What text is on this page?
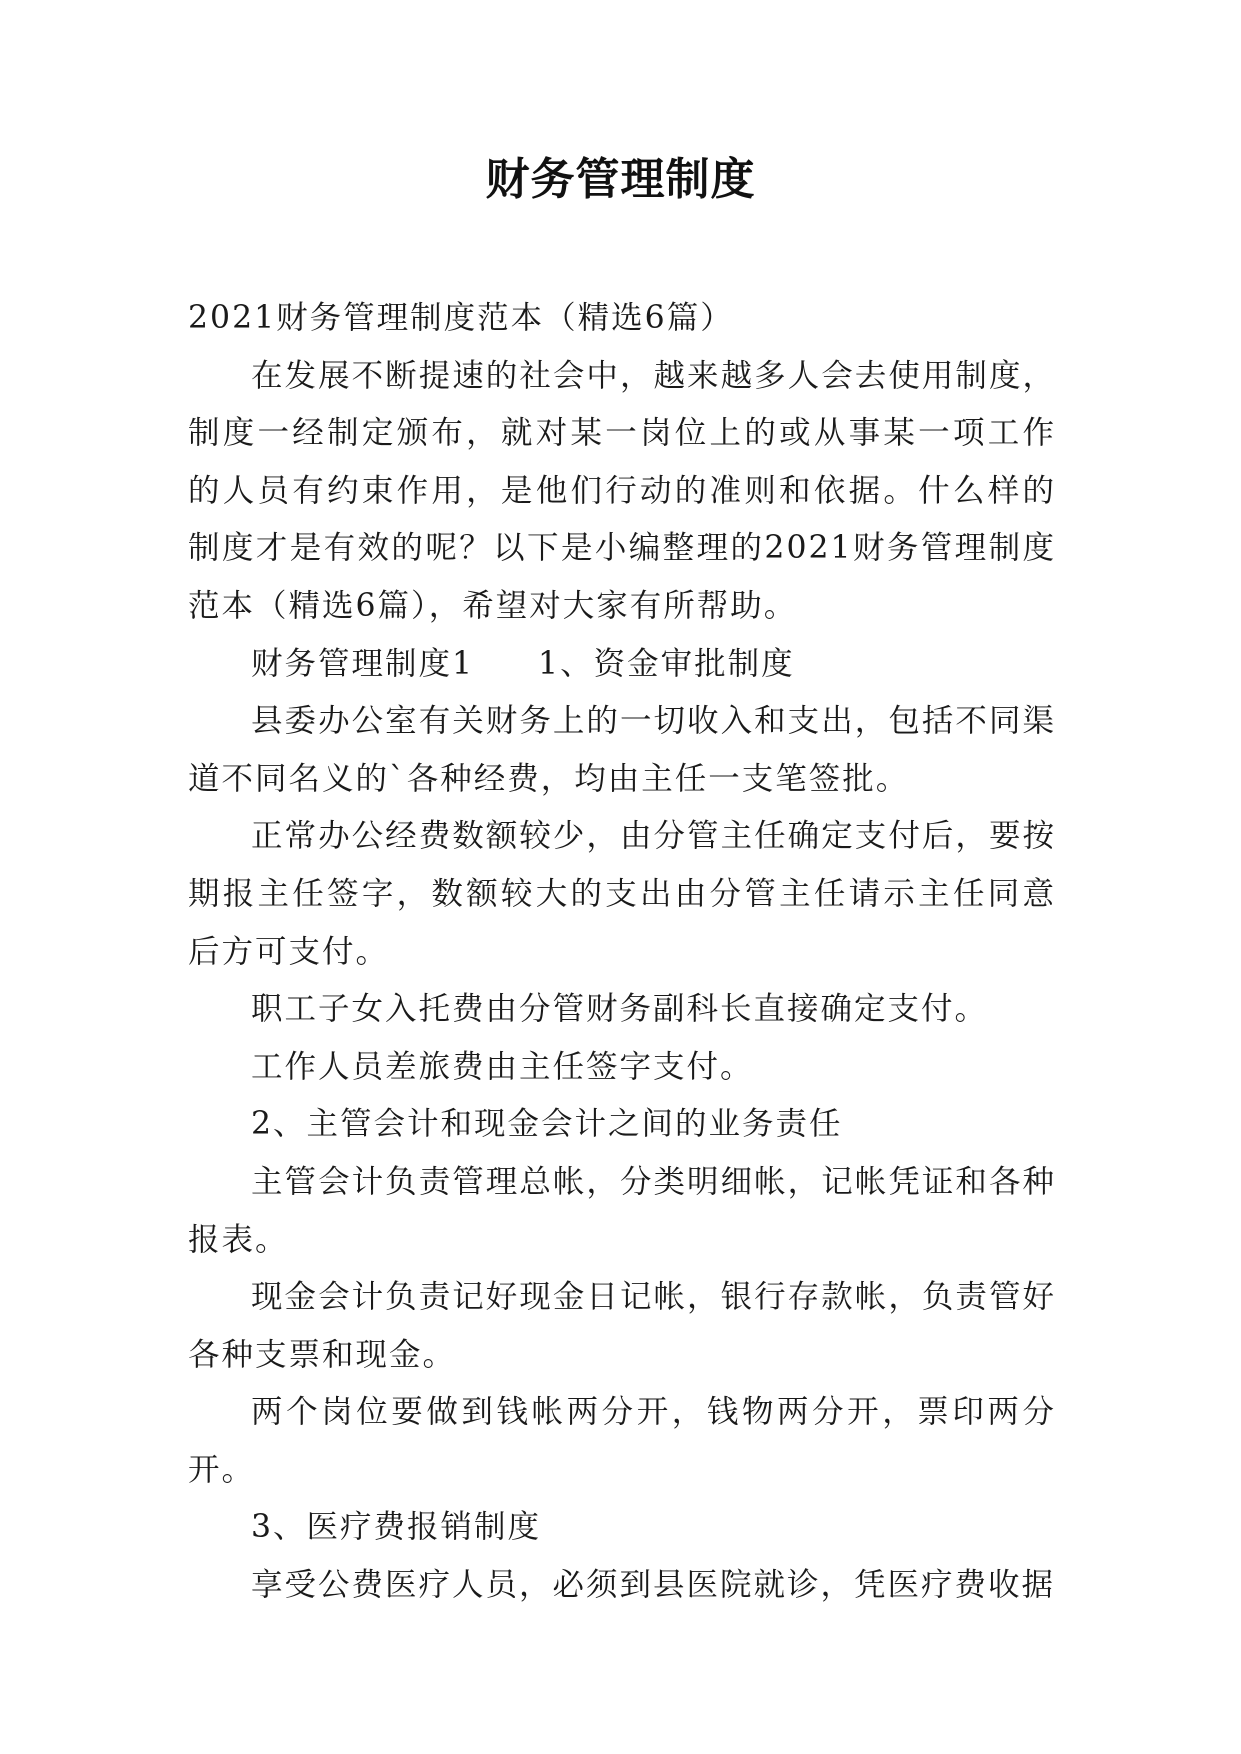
财务管理制度

2021财务管理制度范本（精选6篇）

在发展不断提速的社会中，越来越多人会去使用制度，制度一经制定颁布，就对某一岗位上的或从事某一项工作的人员有约束作用，是他们行动的准则和依据。什么样的制度才是有效的呢？以下是小编整理的2021财务管理制度范本（精选6篇），希望对大家有所帮助。

财务管理制度1 1、资金审批制度

县委办公室有关财务上的一切收入和支出，包括不同渠道不同名义的`各种经费，均由主任一支笔签批。

正常办公经费数额较少，由分管主任确定支付后，要按期报主任签字，数额较大的支出由分管主任请示主任同意后方可支付。

职工子女入托费由分管财务副科长直接确定支付。

工作人员差旅费由主任签字支付。

2、主管会计和现金会计之间的业务责任

主管会计负责管理总帐，分类明细帐，记帐凭证和各种报表。

现金会计负责记好现金日记帐，银行存款帐，负责管好各种支票和现金。

两个岗位要做到钱帐两分开，钱物两分开，票印两分开。

3、医疗费报销制度

享受公费医疗人员，必须到县医院就诊，凭医疗费收据
